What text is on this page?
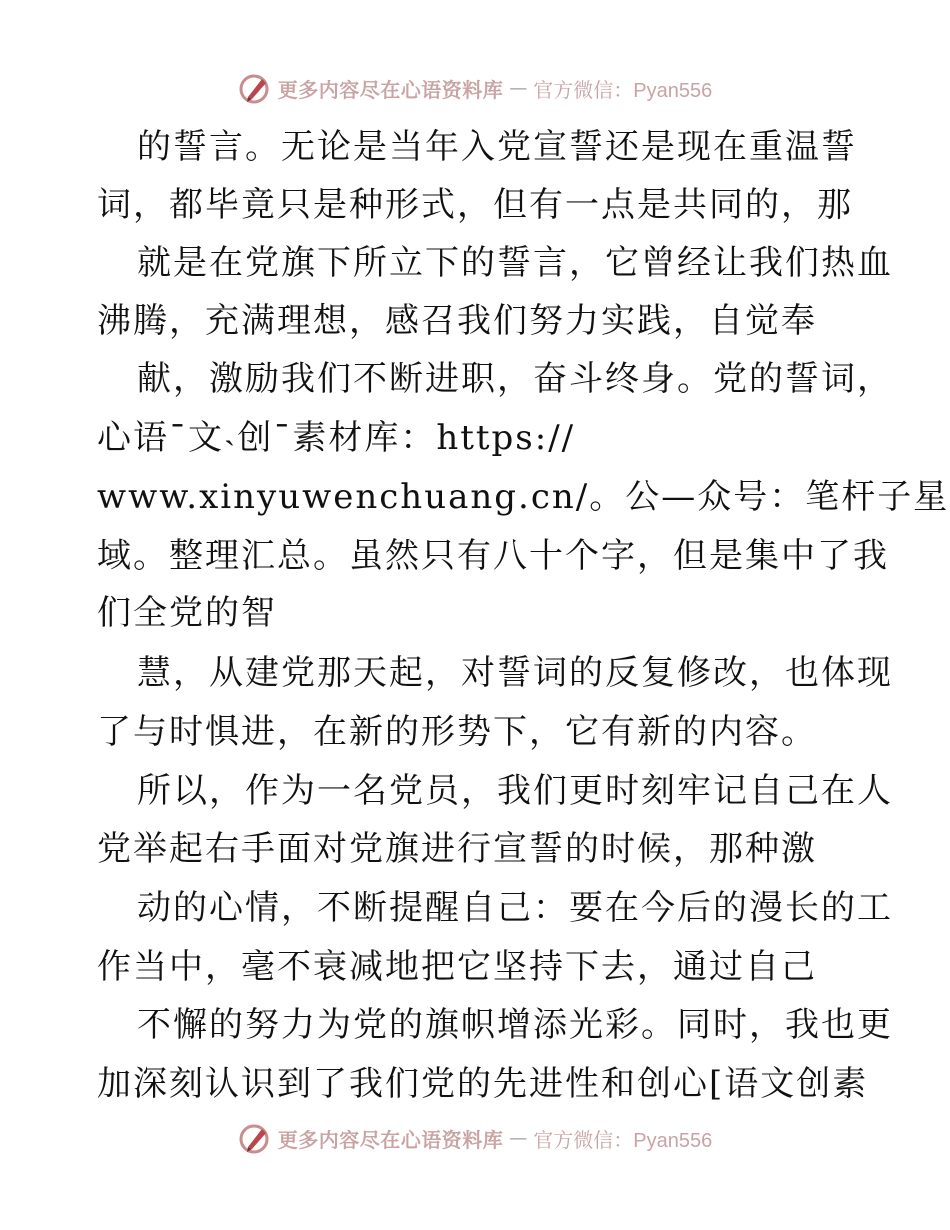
更多内容尽在心语资料库 — 官方微信：Pyan556
的誓言。无论是当年入党宣誓还是现在重温誓
词，都毕竟只是种形式，但有一点是共同的，那
就是在党旗下所立下的誓言，它曾经让我们热血
沸腾，充满理想，感召我们努力实践，自觉奉
献，激励我们不断进职，奋斗终身。党的誓词，
心语¯文˴创¯素材库：https://
www.xinyuwenchuang.cn/。公—众号：笔杆子星
域。整理汇总。虽然只有八十个字，但是集中了我
们全党的智
慧，从建党那天起，对誓词的反复修改，也体现
了与时惧进，在新的形势下，它有新的内容。
所以，作为一名党员，我们更时刻牢记自己在人
党举起右手面对党旗进行宣誓的时候，那种激
动的心情，不断提醒自己：要在今后的漫长的工
作当中，毫不衰减地把它坚持下去，通过自己
不懈的努力为党的旗帜增添光彩。同时，我也更
加深刻认识到了我们党的先进性和创心[语文创素
更多内容尽在心语资料库 — 官方微信：Pyan556
